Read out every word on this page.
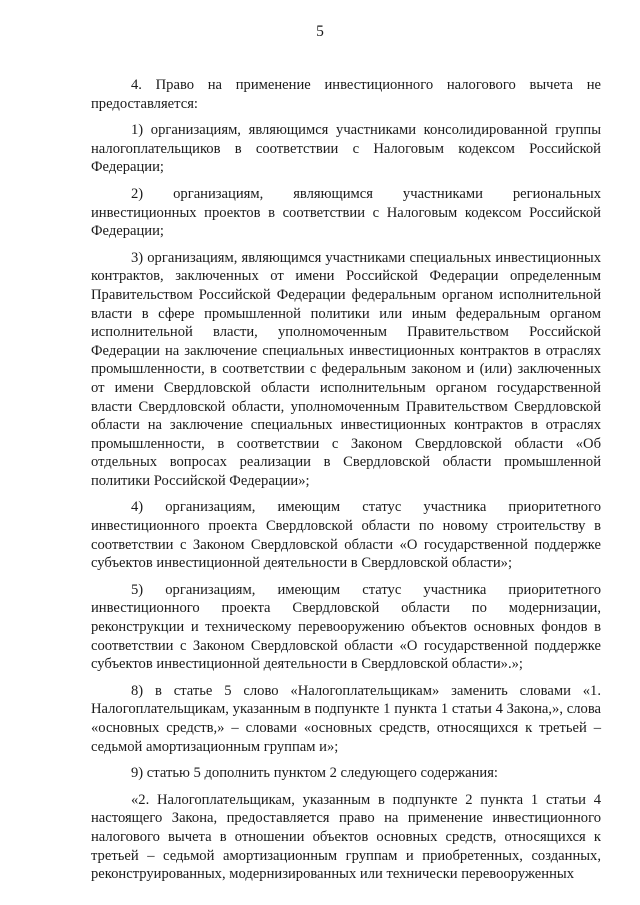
5

4. Право на применение инвестиционного налогового вычета не предоставляется:

1) организациям, являющимся участниками консолидированной группы налогоплательщиков в соответствии с Налоговым кодексом Российской Федерации;

2) организациям, являющимся участниками региональных инвестиционных проектов в соответствии с Налоговым кодексом Российской Федерации;

3) организациям, являющимся участниками специальных инвестиционных контрактов, заключенных от имени Российской Федерации определенным Правительством Российской Федерации федеральным органом исполнительной власти в сфере промышленной политики или иным федеральным органом исполнительной власти, уполномоченным Правительством Российской Федерации на заключение специальных инвестиционных контрактов в отраслях промышленности, в соответствии с федеральным законом и (или) заключенных от имени Свердловской области исполнительным органом государственной власти Свердловской области, уполномоченным Правительством Свердловской области на заключение специальных инвестиционных контрактов в отраслях промышленности, в соответствии с Законом Свердловской области «Об отдельных вопросах реализации в Свердловской области промышленной политики Российской Федерации»;

4) организациям, имеющим статус участника приоритетного инвестиционного проекта Свердловской области по новому строительству в соответствии с Законом Свердловской области «О государственной поддержке субъектов инвестиционной деятельности в Свердловской области»;

5) организациям, имеющим статус участника приоритетного инвестиционного проекта Свердловской области по модернизации, реконструкции и техническому перевооружению объектов основных фондов в соответствии с Законом Свердловской области «О государственной поддержке субъектов инвестиционной деятельности в Свердловской области».»;

8) в статье 5 слово «Налогоплательщикам» заменить словами «1. Налогоплательщикам, указанным в подпункте 1 пункта 1 статьи 4 Закона,», слова «основных средств,» – словами «основных средств, относящихся к третьей – седьмой амортизационным группам и»;

9) статью 5 дополнить пунктом 2 следующего содержания:

«2. Налогоплательщикам, указанным в подпункте 2 пункта 1 статьи 4 настоящего Закона, предоставляется право на применение инвестиционного налогового вычета в отношении объектов основных средств, относящихся к третьей – седьмой амортизационным группам и приобретенных, созданных, реконструированных, модернизированных или технически перевооруженных
